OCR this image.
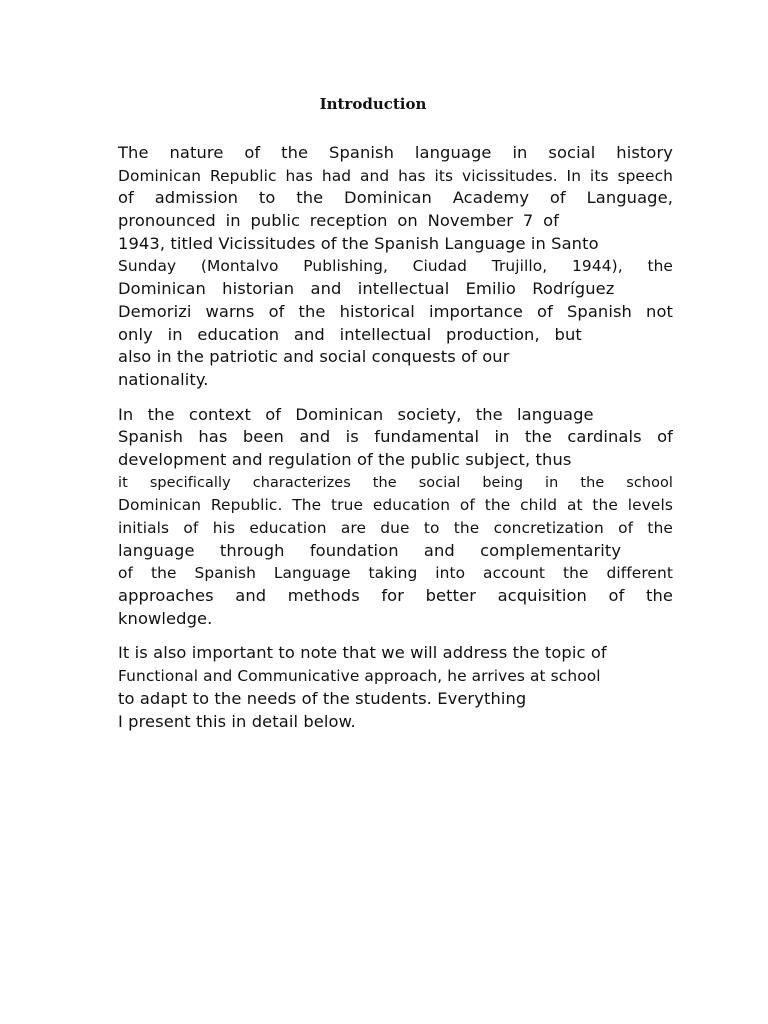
Introduction
The nature of the Spanish language in social history
Dominican Republic has had and has its vicissitudes. In its speech
of admission to the Dominican Academy of Language,
pronounced in public reception on November 7 of
1943, titled Vicissitudes of the Spanish Language in Santo
Sunday (Montalvo Publishing, Ciudad Trujillo, 1944), the
Dominican historian and intellectual Emilio Rodríguez
Demorizi warns of the historical importance of Spanish not
only in education and intellectual production, but
also in the patriotic and social conquests of our
nationality.
In the context of Dominican society, the language
Spanish has been and is fundamental in the cardinals of
development and regulation of the public subject, thus
it specifically characterizes the social being in the school
Dominican Republic. The true education of the child at the levels
initials of his education are due to the concretization of the
language through foundation and complementarity
of the Spanish Language taking into account the different
approaches and methods for better acquisition of the
knowledge.
It is also important to note that we will address the topic of
Functional and Communicative approach, he arrives at school
to adapt to the needs of the students. Everything
I present this in detail below.
